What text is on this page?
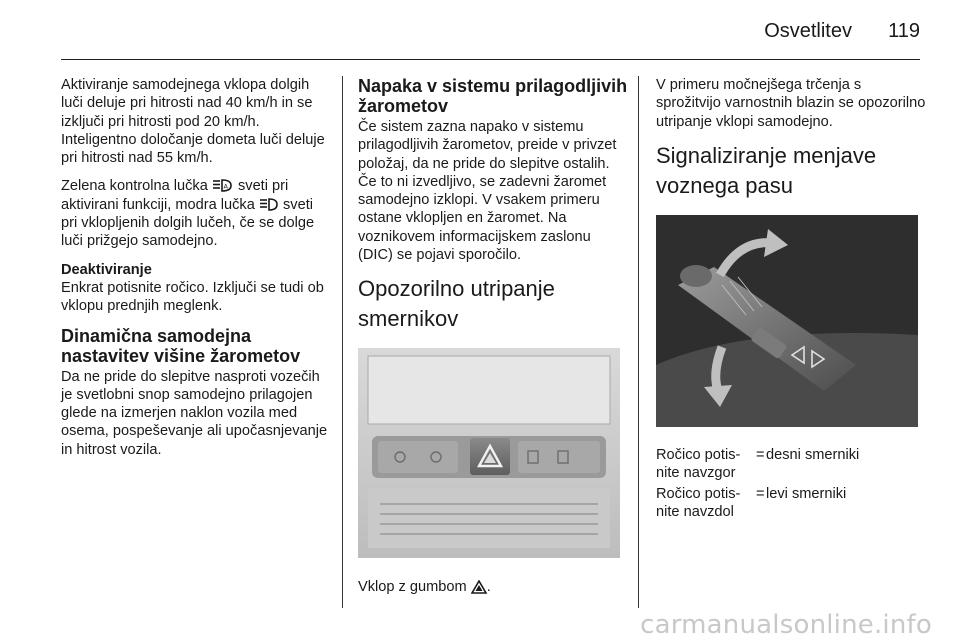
Osvetlitev 119

Aktiviranje samodejnega vklopa dolgih luči deluje pri hitrosti nad 40 km/h in se izključi pri hitrosti pod 20 km/h. Inteligentno določanje dometa luči deluje pri hitrosti nad 55 km/h.

Zelena kontrolna lučka A sveti pri aktivirani funkciji, modra lučka sveti pri vklopljenih dolgih lučeh, če se dolge luči prižgejo samodejno.

Deaktiviranje

Enkrat potisnite ročico. Izključi se tudi ob vklopu prednjih meglenk.

Dinamična samodejna nastavitev višine žarometov

Da ne pride do slepitve nasproti vozečih je svetlobni snop samodejno prilagojen glede na izmerjen naklon vozila med osema, pospeševanje ali upočasnjevanje in hitrost vozila.

Napaka v sistemu prilagodljivih žarometov

Če sistem zazna napako v sistemu prilagodljivih žarometov, preide v privzet položaj, da ne pride do slepitve ostalih. Če to ni izvedljivo, se zadevni žaromet samodejno izklopi. V vsakem primeru ostane vklopljen en žaromet. Na voznikovem informacijskem zaslonu (DIC) se pojavi sporočilo.

Opozorilno utripanje smernikov

Vklop z gumbom .

V primeru močnejšega trčenja s sprožitvijo varnostnih blazin se opozorilno utripanje vklopi samodejno.

Signaliziranje menjave voznega pasu
Ročico potis-nite navzgor
= desni smerniki
Ročico potis-nite navzdol
= levi smerniki
carmanualsonline.info
